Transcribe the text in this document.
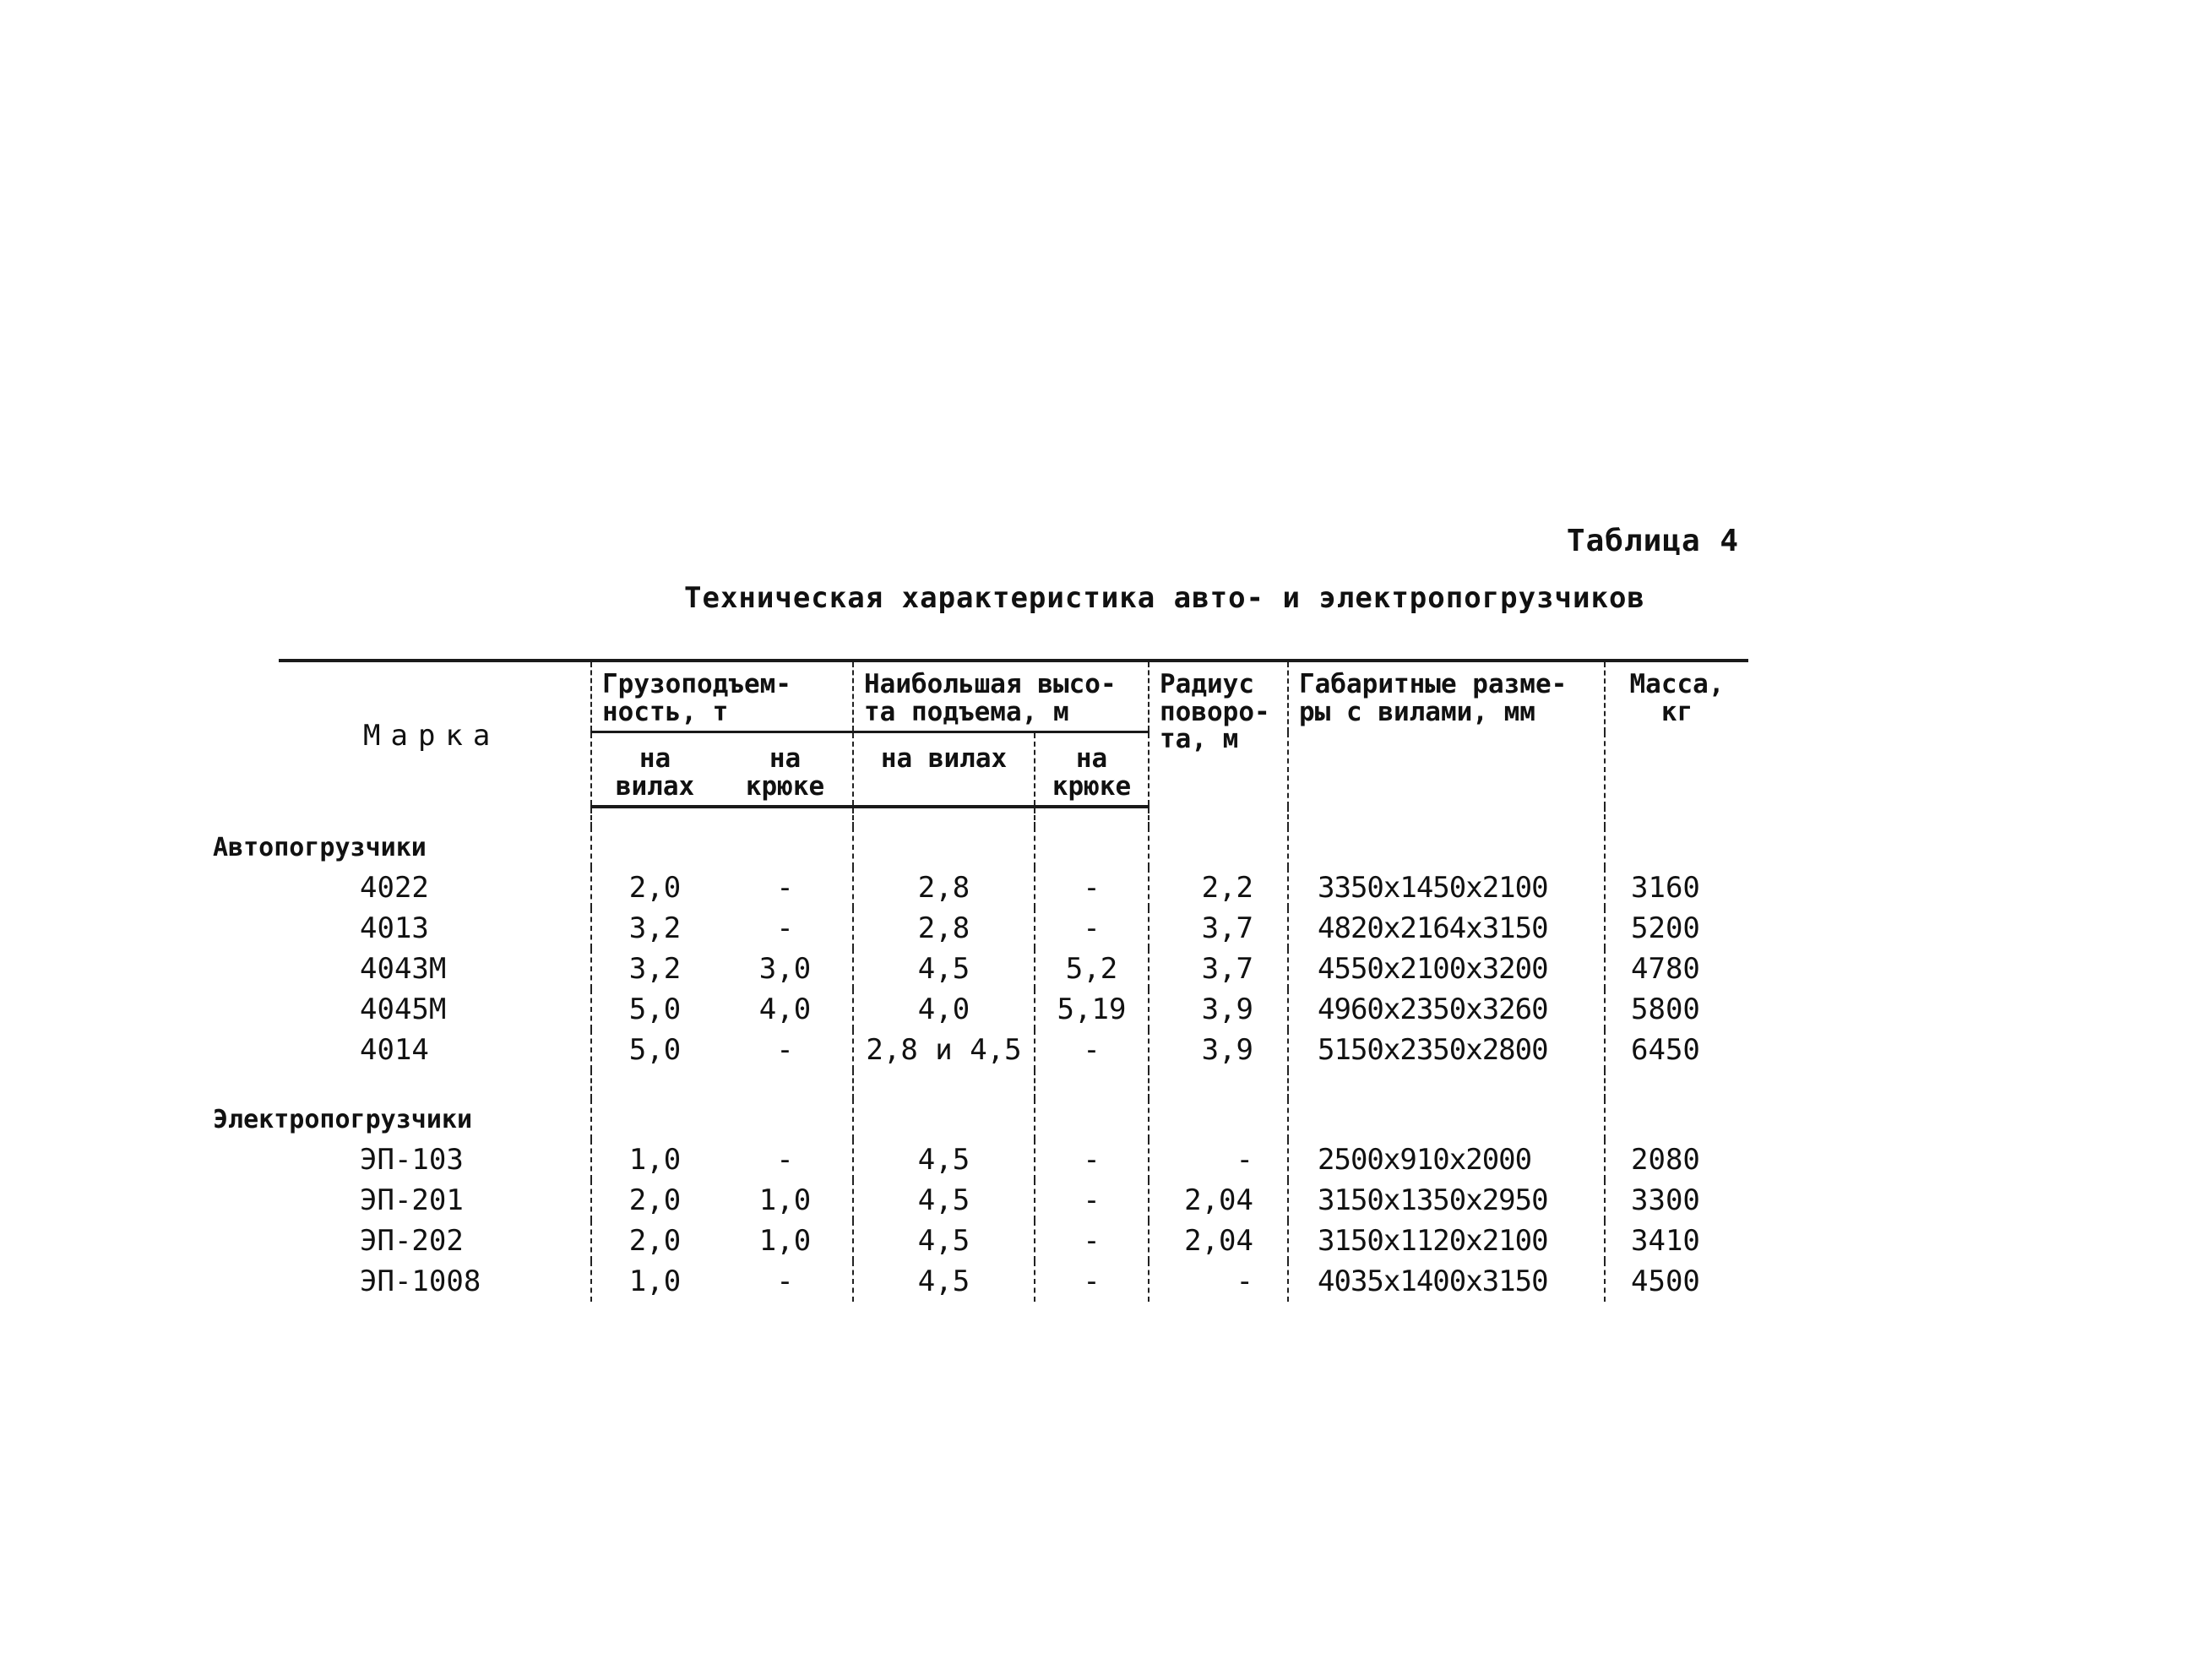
Таблица 4
Техническая характеристика авто- и электропогрузчиков
Марка	Грузоподъем-ность, т		Наибольшая высо-та подъема, м		Радиус поворо-та, м	Габаритные разме-ры с вилами, мм	Масса, кг
	на вилах	на крюке	на вилах	на крюке			

Автопогрузчики							
4022	2,0	-	2,8	-	2,2	3350x1450x2100	3160
4013	3,2	-	2,8	-	3,7	4820x2164x3150	5200
4043М	3,2	3,0	4,5	5,2	3,7	4550x2100x3200	4780
4045М	5,0	4,0	4,0	5,19	3,9	4960x2350x3260	5800
4014	5,0	-	2,8 и 4,5	-	3,9	5150x2350x2800	6450

Электропогрузчики							
ЭП-103	1,0	-	4,5	-	-	2500x910x2000	2080
ЭП-201	2,0	1,0	4,5	-	2,04	3150x1350x2950	3300
ЭП-202	2,0	1,0	4,5	-	2,04	3150x1120x2100	3410
ЭП-1008	1,0	-	4,5	-	-	4035x1400x3150	4500
